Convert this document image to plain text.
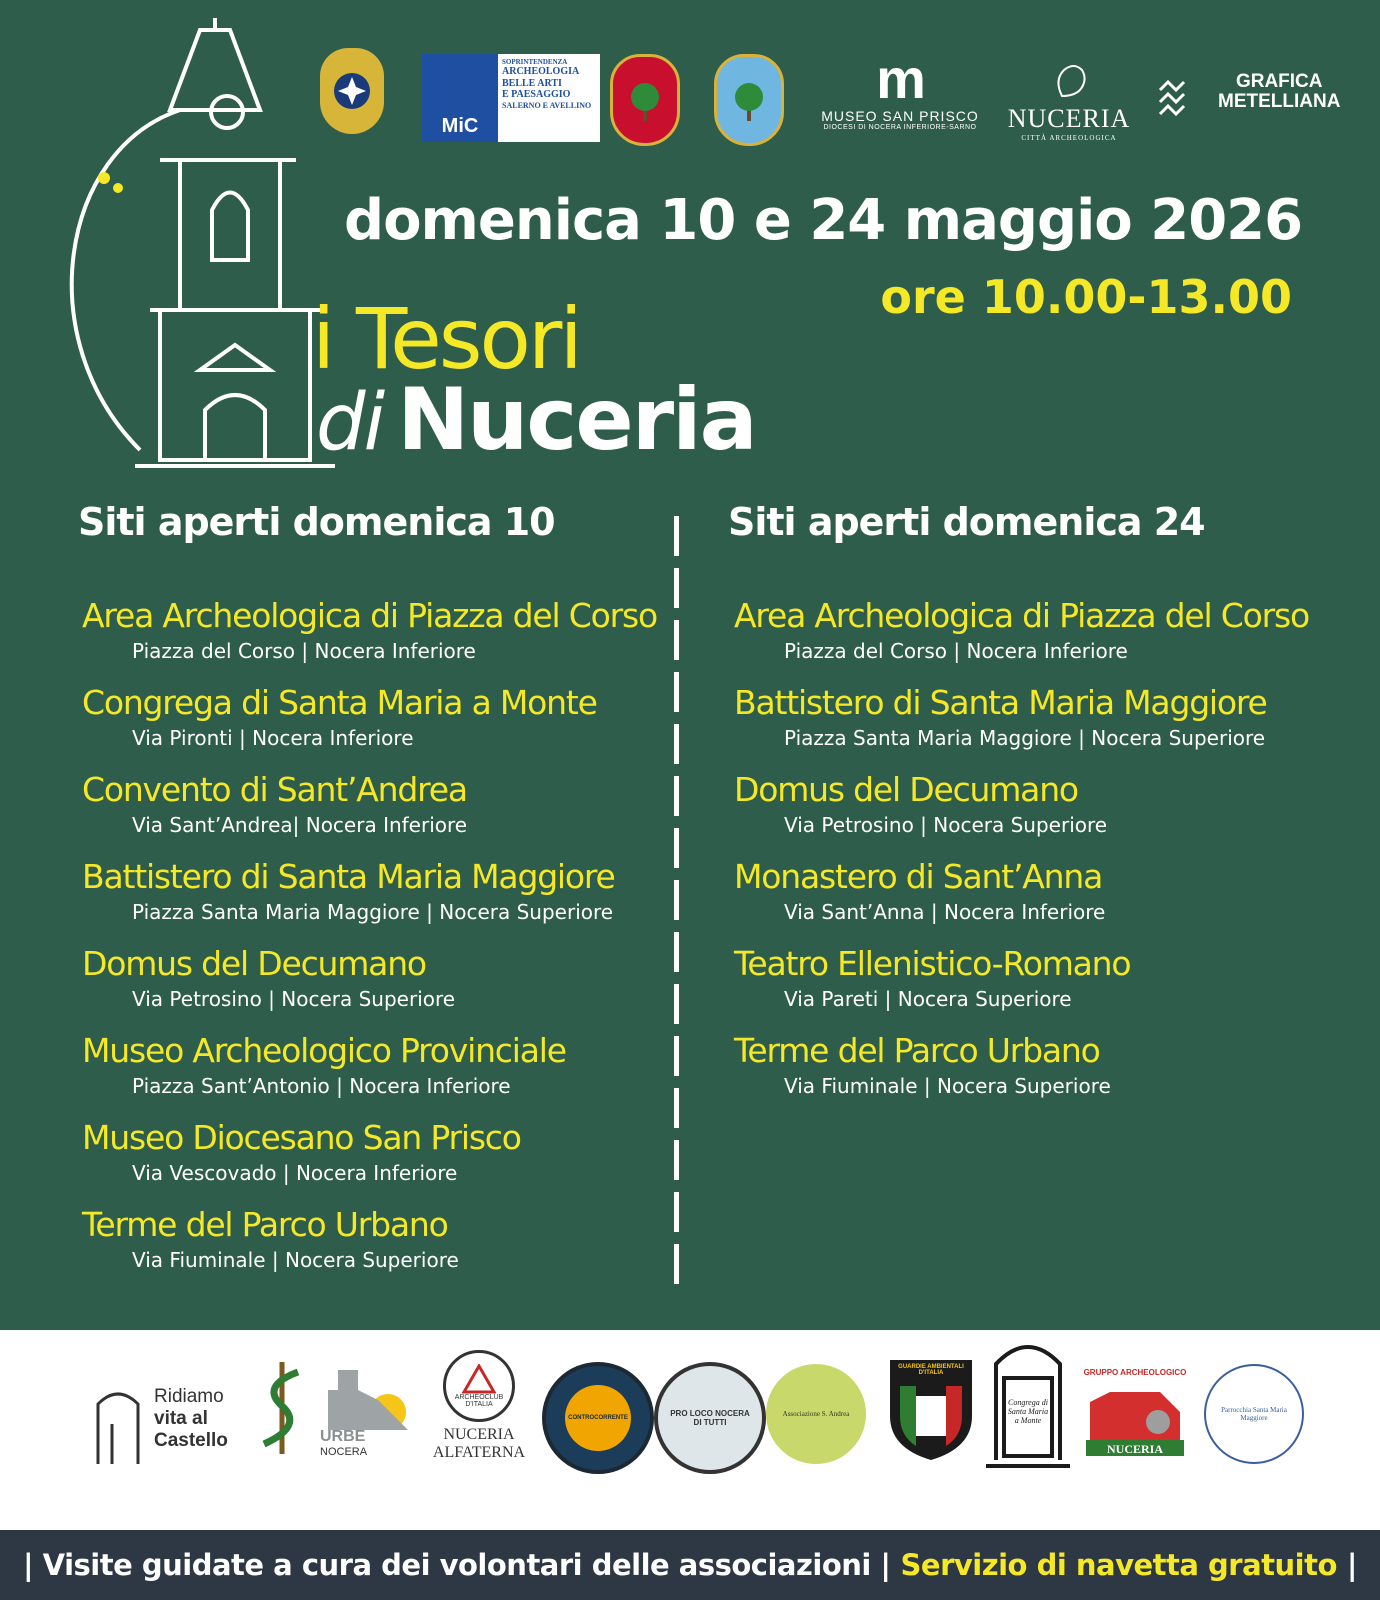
MiC
SOPRINTENDENZA
ARCHEOLOGIA
BELLE ARTI
E PAESAGGIO
SALERNO E AVELLINO	m
MUSEO SAN PRISCO
DIOCESI DI NOCERA INFERIORE-SARNO NUCERIA
CITTÀ ARCHEOLOGICA
GRAFICA
METELLIANA
domenica 10 e 24 maggio 2026
ore 10.00-13.00
i Tesori
di Nuceria
Siti aperti domenica 10	Siti aperti domenica 24
Area Archeologica di Piazza del Corso
Piazza del Corso | Nocera Inferiore
Congrega di Santa Maria a Monte
Via Pironti | Nocera Inferiore
Convento di Sant’Andrea
Via Sant’Andrea| Nocera Inferiore
Battistero di Santa Maria Maggiore
Piazza Santa Maria Maggiore | Nocera Superiore
Domus del Decumano
Via Petrosino | Nocera Superiore
Museo Archeologico Provinciale
Piazza Sant’Antonio | Nocera Inferiore
Museo Diocesano San Prisco
Via Vescovado | Nocera Inferiore
Terme del Parco Urbano
Via Fiuminale | Nocera Superiore
Area Archeologica di Piazza del Corso
Piazza del Corso | Nocera Inferiore
Battistero di Santa Maria Maggiore
Piazza Santa Maria Maggiore | Nocera Superiore
Domus del Decumano
Via Petrosino | Nocera Superiore
Monastero di Sant’Anna
Via Sant’Anna | Nocera Inferiore
Teatro Ellenistico-Romano
Via Pareti | Nocera Superiore
Terme del Parco Urbano
Via Fiuminale | Nocera Superiore
Ridiamo
vita al
Castello	URBE
NOCERA
ARCHEOCLUB D'ITALIA
NUCERIA
ALFATERNA
CONTROCORRENTE	PRO LOCO NOCERA DI TUTTI
Associazione S. Andrea
GUARDIE AMBIENTALI D'ITALIA
Congrega di Santa Maria a Monte
GRUPPO ARCHEOLOGICO
NUCERIA
Parrocchia Santa Maria Maggiore
| Visite guidate a cura dei volontari delle associazioni | Servizio di navetta gratuito |
